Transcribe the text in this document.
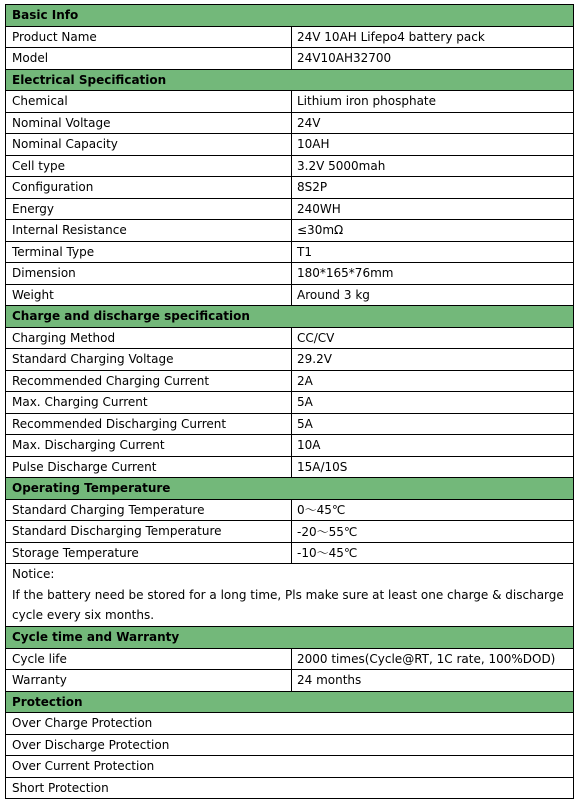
Basic Info	
Product Name	24V 10AH Lifepo4 battery pack
Model	24V10AH32700
Electrical Specification	
Chemical	Lithium iron phosphate
Nominal Voltage	24V
Nominal Capacity	10AH
Cell type	3.2V 5000mah
Configuration	8S2P
Energy	240WH
Internal Resistance	≤30mΩ
Terminal Type	T1
Dimension	180*165*76mm
Weight	Around 3 kg
Charge and discharge specification	
Charging Method	CC/CV
Standard Charging Voltage	29.2V
Recommended Charging Current	2A
Max. Charging Current	5A
Recommended Discharging Current	5A
Max. Discharging Current	10A
Pulse Discharge Current	15A/10S
Operating Temperature	
Standard Charging Temperature	0～45℃
Standard Discharging Temperature	-20～55℃
Storage Temperature	-10～45℃

Notice:
If the battery need be stored for a long time, Pls make sure at least one charge & discharge cycle every six months.	

Cycle time and Warranty	
Cycle life	2000 times(Cycle@RT, 1C rate, 100%DOD)
Warranty	24 months
Protection	
Over Charge Protection	
Over Discharge Protection	
Over Current Protection	
Short Protection	
